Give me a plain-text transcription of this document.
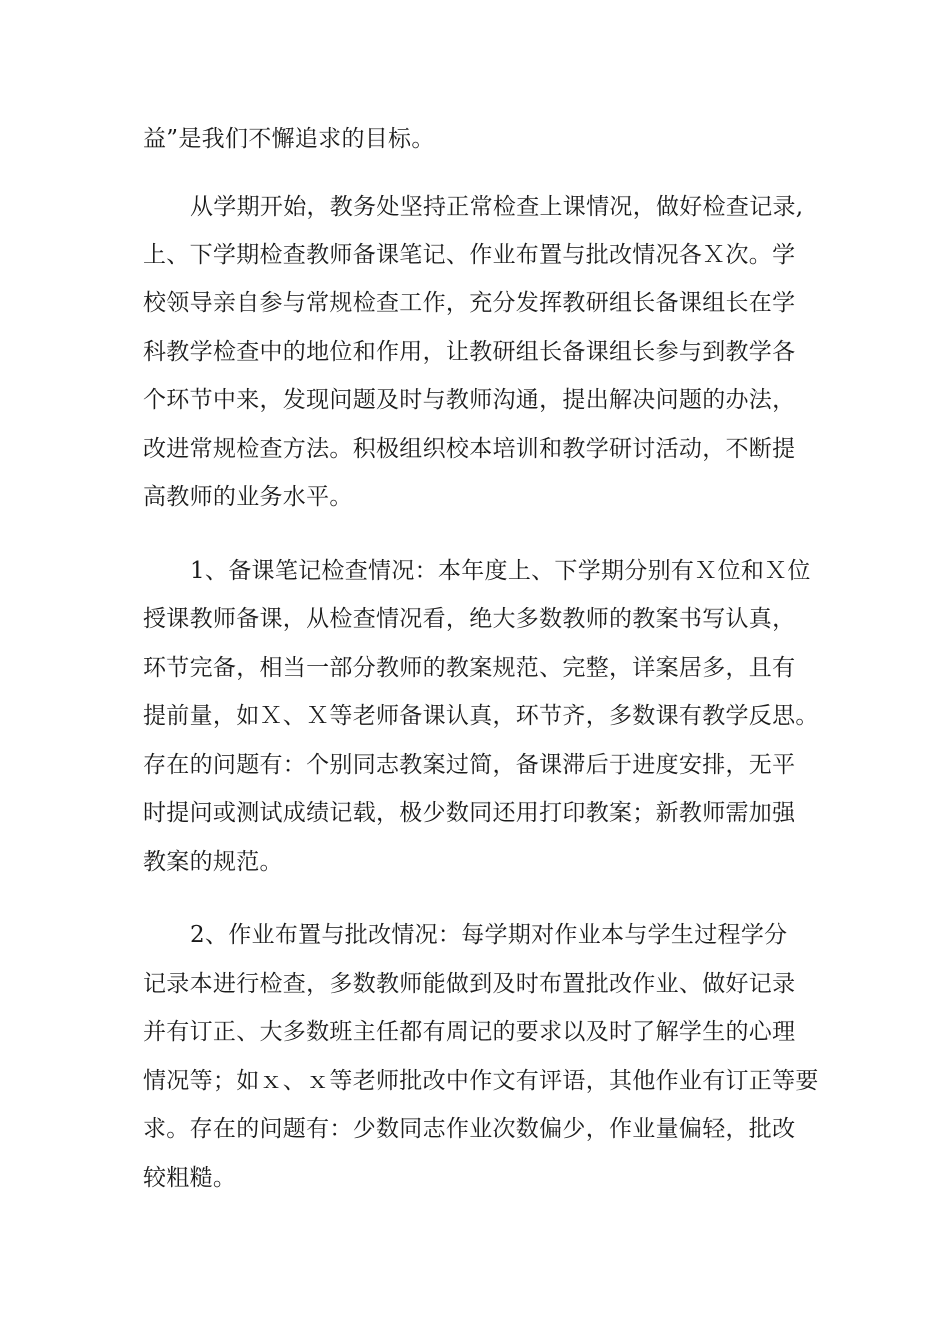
益”是我们不懈追求的目标。

从学期开始，教务处坚持正常检查上课情况，做好检查记录,

上、下学期检查教师备课笔记、作业布置与批改情况各Ｘ次。学

校领导亲自参与常规检查工作，充分发挥教研组长备课组长在学

科教学检查中的地位和作用，让教研组长备课组长参与到教学各

个环节中来，发现问题及时与教师沟通，提出解决问题的办法，

改进常规检查方法。积极组织校本培训和教学研讨活动，不断提

高教师的业务水平。

1、备课笔记检查情况：本年度上、下学期分别有Ｘ位和Ｘ位

授课教师备课，从检查情况看，绝大多数教师的教案书写认真，

环节完备，相当一部分教师的教案规范、完整，详案居多，且有

提前量，如Ｘ、Ｘ等老师备课认真，环节齐，多数课有教学反思。

存在的问题有：个别同志教案过简，备课滞后于进度安排，无平

时提问或测试成绩记载，极少数同还用打印教案；新教师需加强

教案的规范。

2、作业布置与批改情况：每学期对作业本与学生过程学分

记录本进行检查，多数教师能做到及时布置批改作业、做好记录

并有订正、大多数班主任都有周记的要求以及时了解学生的心理

情况等；如ｘ、ｘ等老师批改中作文有评语，其他作业有订正等要

求。存在的问题有：少数同志作业次数偏少，作业量偏轻，批改

较粗糙。
